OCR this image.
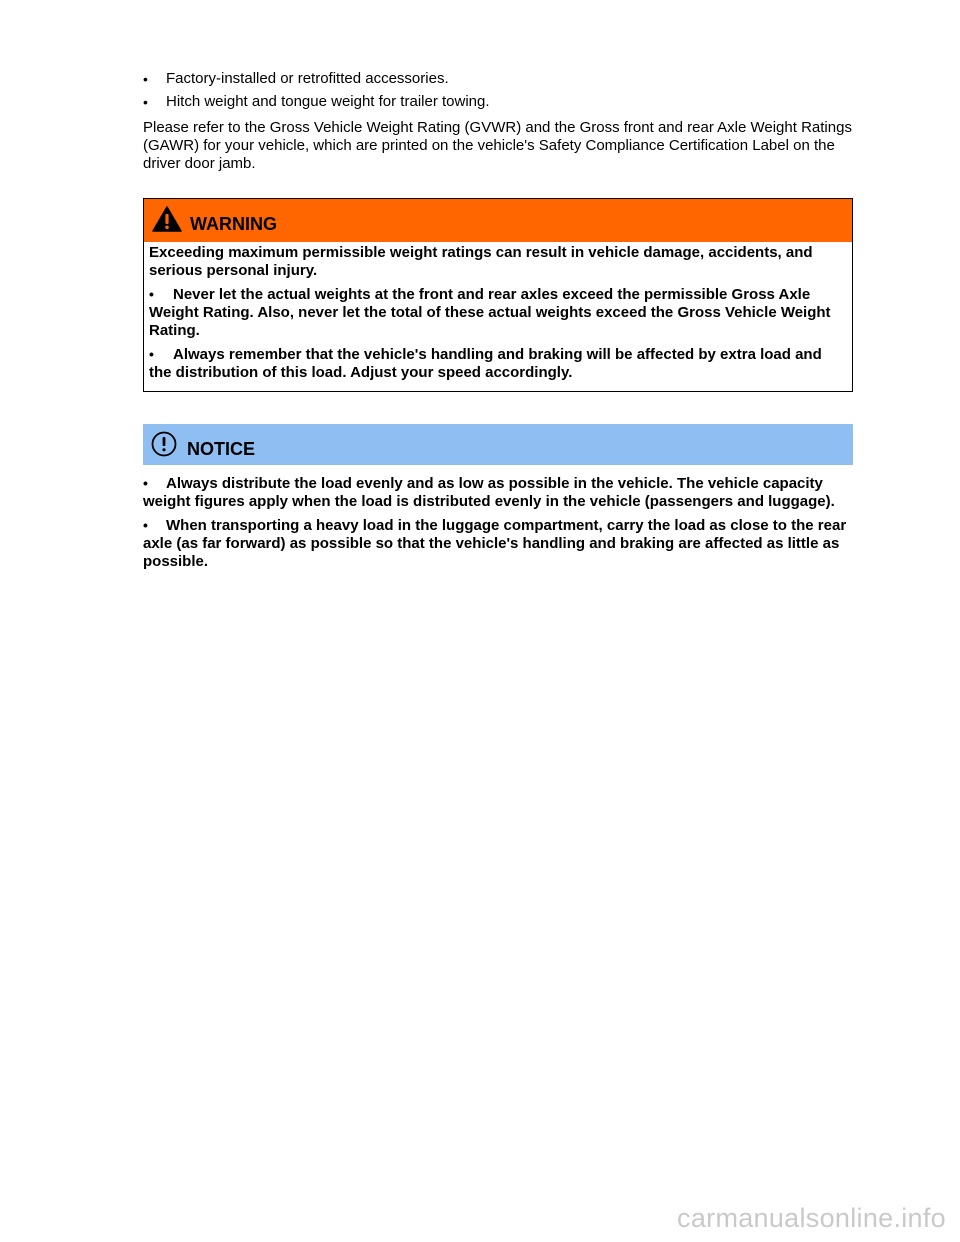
• Factory-installed or retrofitted accessories.
• Hitch weight and tongue weight for trailer towing.

Please refer to the Gross Vehicle Weight Rating (GVWR) and the Gross front and rear Axle Weight Ratings (GAWR) for your vehicle, which are printed on the vehicle's Safety Compliance Certification Label on the driver door jamb.

WARNING

Exceeding maximum permissible weight ratings can result in vehicle damage, accidents, and serious personal injury.

• Never let the actual weights at the front and rear axles exceed the permissible Gross Axle Weight Rating. Also, never let the total of these actual weights exceed the Gross Vehicle Weight Rating.
• Always remember that the vehicle's handling and braking will be affected by extra load and the distribution of this load. Adjust your speed accordingly.
NOTICE
• Always distribute the load evenly and as low as possible in the vehicle. The vehicle capacity weight figures apply when the load is distributed evenly in the vehicle (passengers and luggage).
• When transporting a heavy load in the luggage compartment, carry the load as close to the rear axle (as far forward) as possible so that the vehicle's handling and braking are affected as little as possible.
carmanualsonline.info
